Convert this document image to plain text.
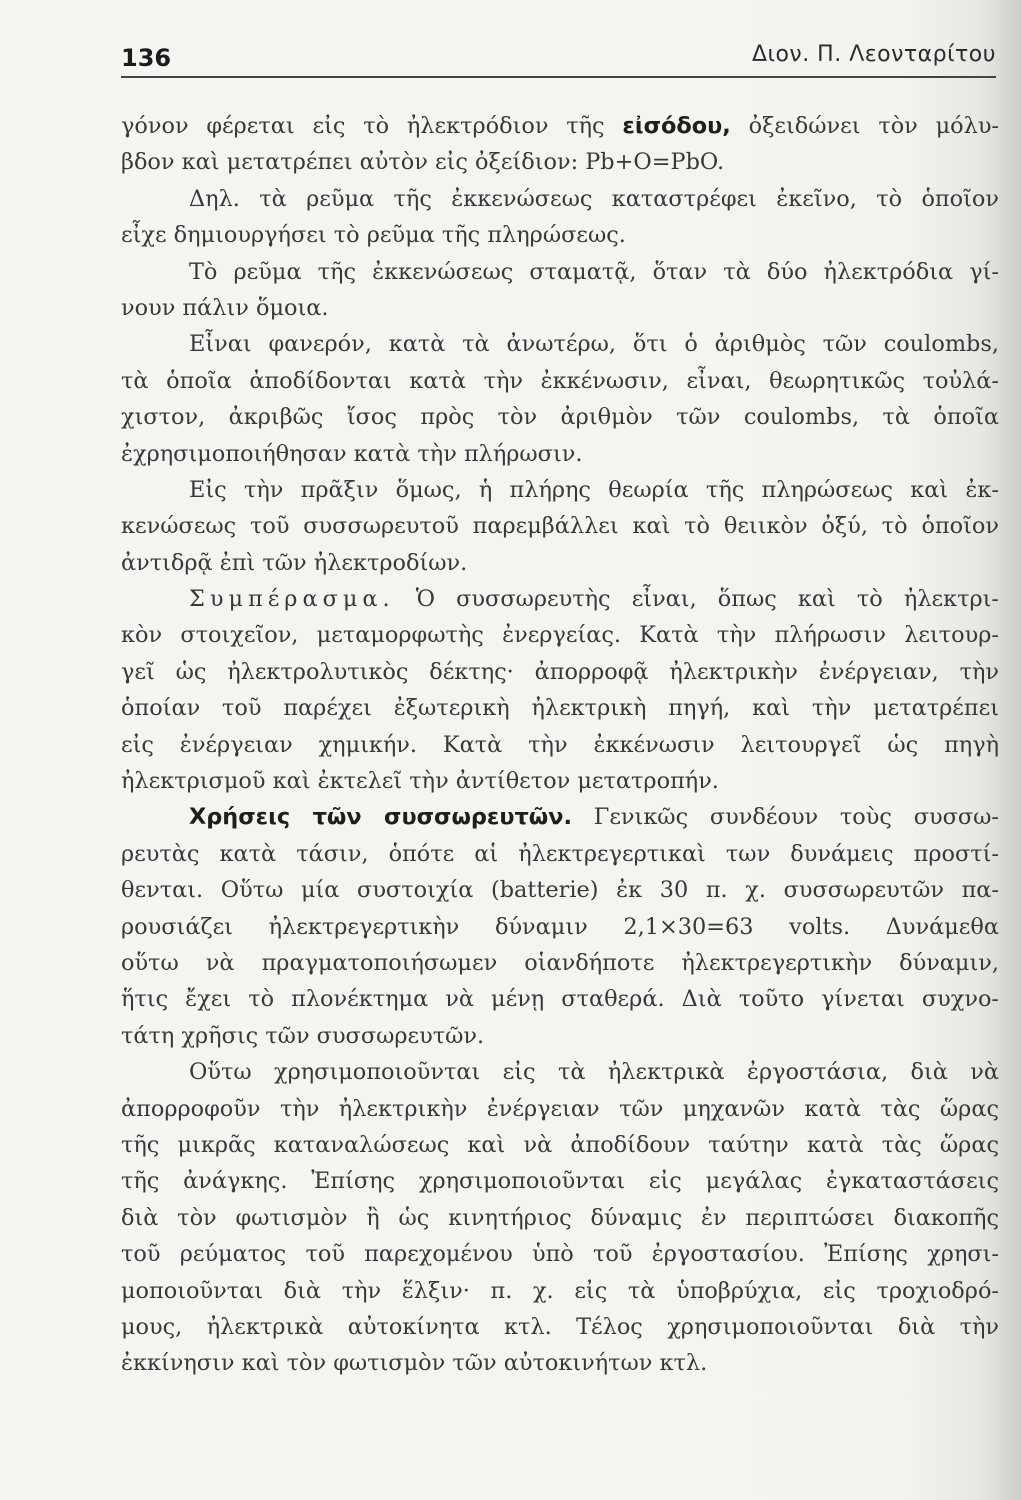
136	Διον. Π. Λεονταρίτου
γόνον φέρεται εἰς τὸ ἠλεκτρόδιον τῆς εἰσόδου, ὀξειδώνει τὸν μόλυ-
βδον καὶ μετατρέπει αὐτὸν εἰς ὀξείδιον: Pb+O=PbO.
Δηλ. τὰ ρεῦμα τῆς ἐκκενώσεως καταστρέφει ἐκεῖνο, τὸ ὁποῖον
εἶχε δημιουργήσει τὸ ρεῦμα τῆς πληρώσεως.
Τὸ ρεῦμα τῆς ἐκκενώσεως σταματᾷ, ὅταν τὰ δύο ἠλεκτρόδια γί-
νουν πάλιν ὅμοια.
Εἶναι φανερόν, κατὰ τὰ ἀνωτέρω, ὅτι ὁ ἀριθμὸς τῶν coulombs,
τὰ ὁποῖα ἀποδίδονται κατὰ τὴν ἐκκένωσιν, εἶναι, θεωρητικῶς τοὐλά-
χιστον, ἀκριβῶς ἴσος πρὸς τὸν ἀριθμὸν τῶν coulombs, τὰ ὁποῖα
ἐχρησιμοποιήθησαν κατὰ τὴν πλήρωσιν.
Εἰς τὴν πρᾶξιν ὅμως, ἡ πλήρης θεωρία τῆς πληρώσεως καὶ ἐκ-
κενώσεως τοῦ συσσωρευτοῦ παρεμβάλλει καὶ τὸ θειικὸν ὀξύ, τὸ ὁποῖον
ἀντιδρᾷ ἐπὶ τῶν ἠλεκτροδίων.
Συμπέρασμα. Ὁ συσσωρευτὴς εἶναι, ὅπως καὶ τὸ ἠλεκτρι-
κὸν στοιχεῖον, μεταμορφωτὴς ἐνεργείας. Κατὰ τὴν πλήρωσιν λειτουρ-
γεῖ ὡς ἠλεκτρολυτικὸς δέκτης· ἀπορροφᾷ ἠλεκτρικὴν ἐνέργειαν, τὴν
ὁποίαν τοῦ παρέχει ἐξωτερικὴ ἠλεκτρικὴ πηγή, καὶ τὴν μετατρέπει
εἰς ἐνέργειαν χημικήν. Κατὰ τὴν ἐκκένωσιν λειτουργεῖ ὡς πηγὴ
ἠλεκτρισμοῦ καὶ ἐκτελεῖ τὴν ἀντίθετον μετατροπήν.
Χρήσεις τῶν συσσωρευτῶν. Γενικῶς συνδέουν τοὺς συσσω-
ρευτὰς κατὰ τάσιν, ὁπότε αἱ ἠλεκτρεγερτικαὶ των δυνάμεις προστί-
θενται. Οὕτω μία συστοιχία (batterie) ἐκ 30 π. χ. συσσωρευτῶν πα-
ρουσιάζει ἠλεκτρεγερτικὴν δύναμιν 2,1×30=63 volts. Δυνάμεθα
οὕτω νὰ πραγματοποιήσωμεν οἱανδήποτε ἠλεκτρεγερτικὴν δύναμιν,
ἥτις ἔχει τὸ πλονέκτημα νὰ μένῃ σταθερά. Διὰ τοῦτο γίνεται συχνο-
τάτη χρῆσις τῶν συσσωρευτῶν.
Οὕτω χρησιμοποιοῦνται εἰς τὰ ἠλεκτρικὰ ἐργοστάσια, διὰ νὰ
ἀπορροφοῦν τὴν ἠλεκτρικὴν ἐνέργειαν τῶν μηχανῶν κατὰ τὰς ὥρας
τῆς μικρᾶς καταναλώσεως καὶ νὰ ἀποδίδουν ταύτην κατὰ τὰς ὥρας
τῆς ἀνάγκης. Ἐπίσης χρησιμοποιοῦνται εἰς μεγάλας ἐγκαταστάσεις
διὰ τὸν φωτισμὸν ἢ ὡς κινητήριος δύναμις ἐν περιπτώσει διακοπῆς
τοῦ ρεύματος τοῦ παρεχομένου ὑπὸ τοῦ ἐργοστασίου. Ἐπίσης χρησι-
μοποιοῦνται διὰ τὴν ἕλξιν· π. χ. εἰς τὰ ὑποβρύχια, εἰς τροχιοδρό-
μους, ἠλεκτρικὰ αὐτοκίνητα κτλ. Τέλος χρησιμοποιοῦνται διὰ τὴν
ἐκκίνησιν καὶ τὸν φωτισμὸν τῶν αὐτοκινήτων κτλ.
